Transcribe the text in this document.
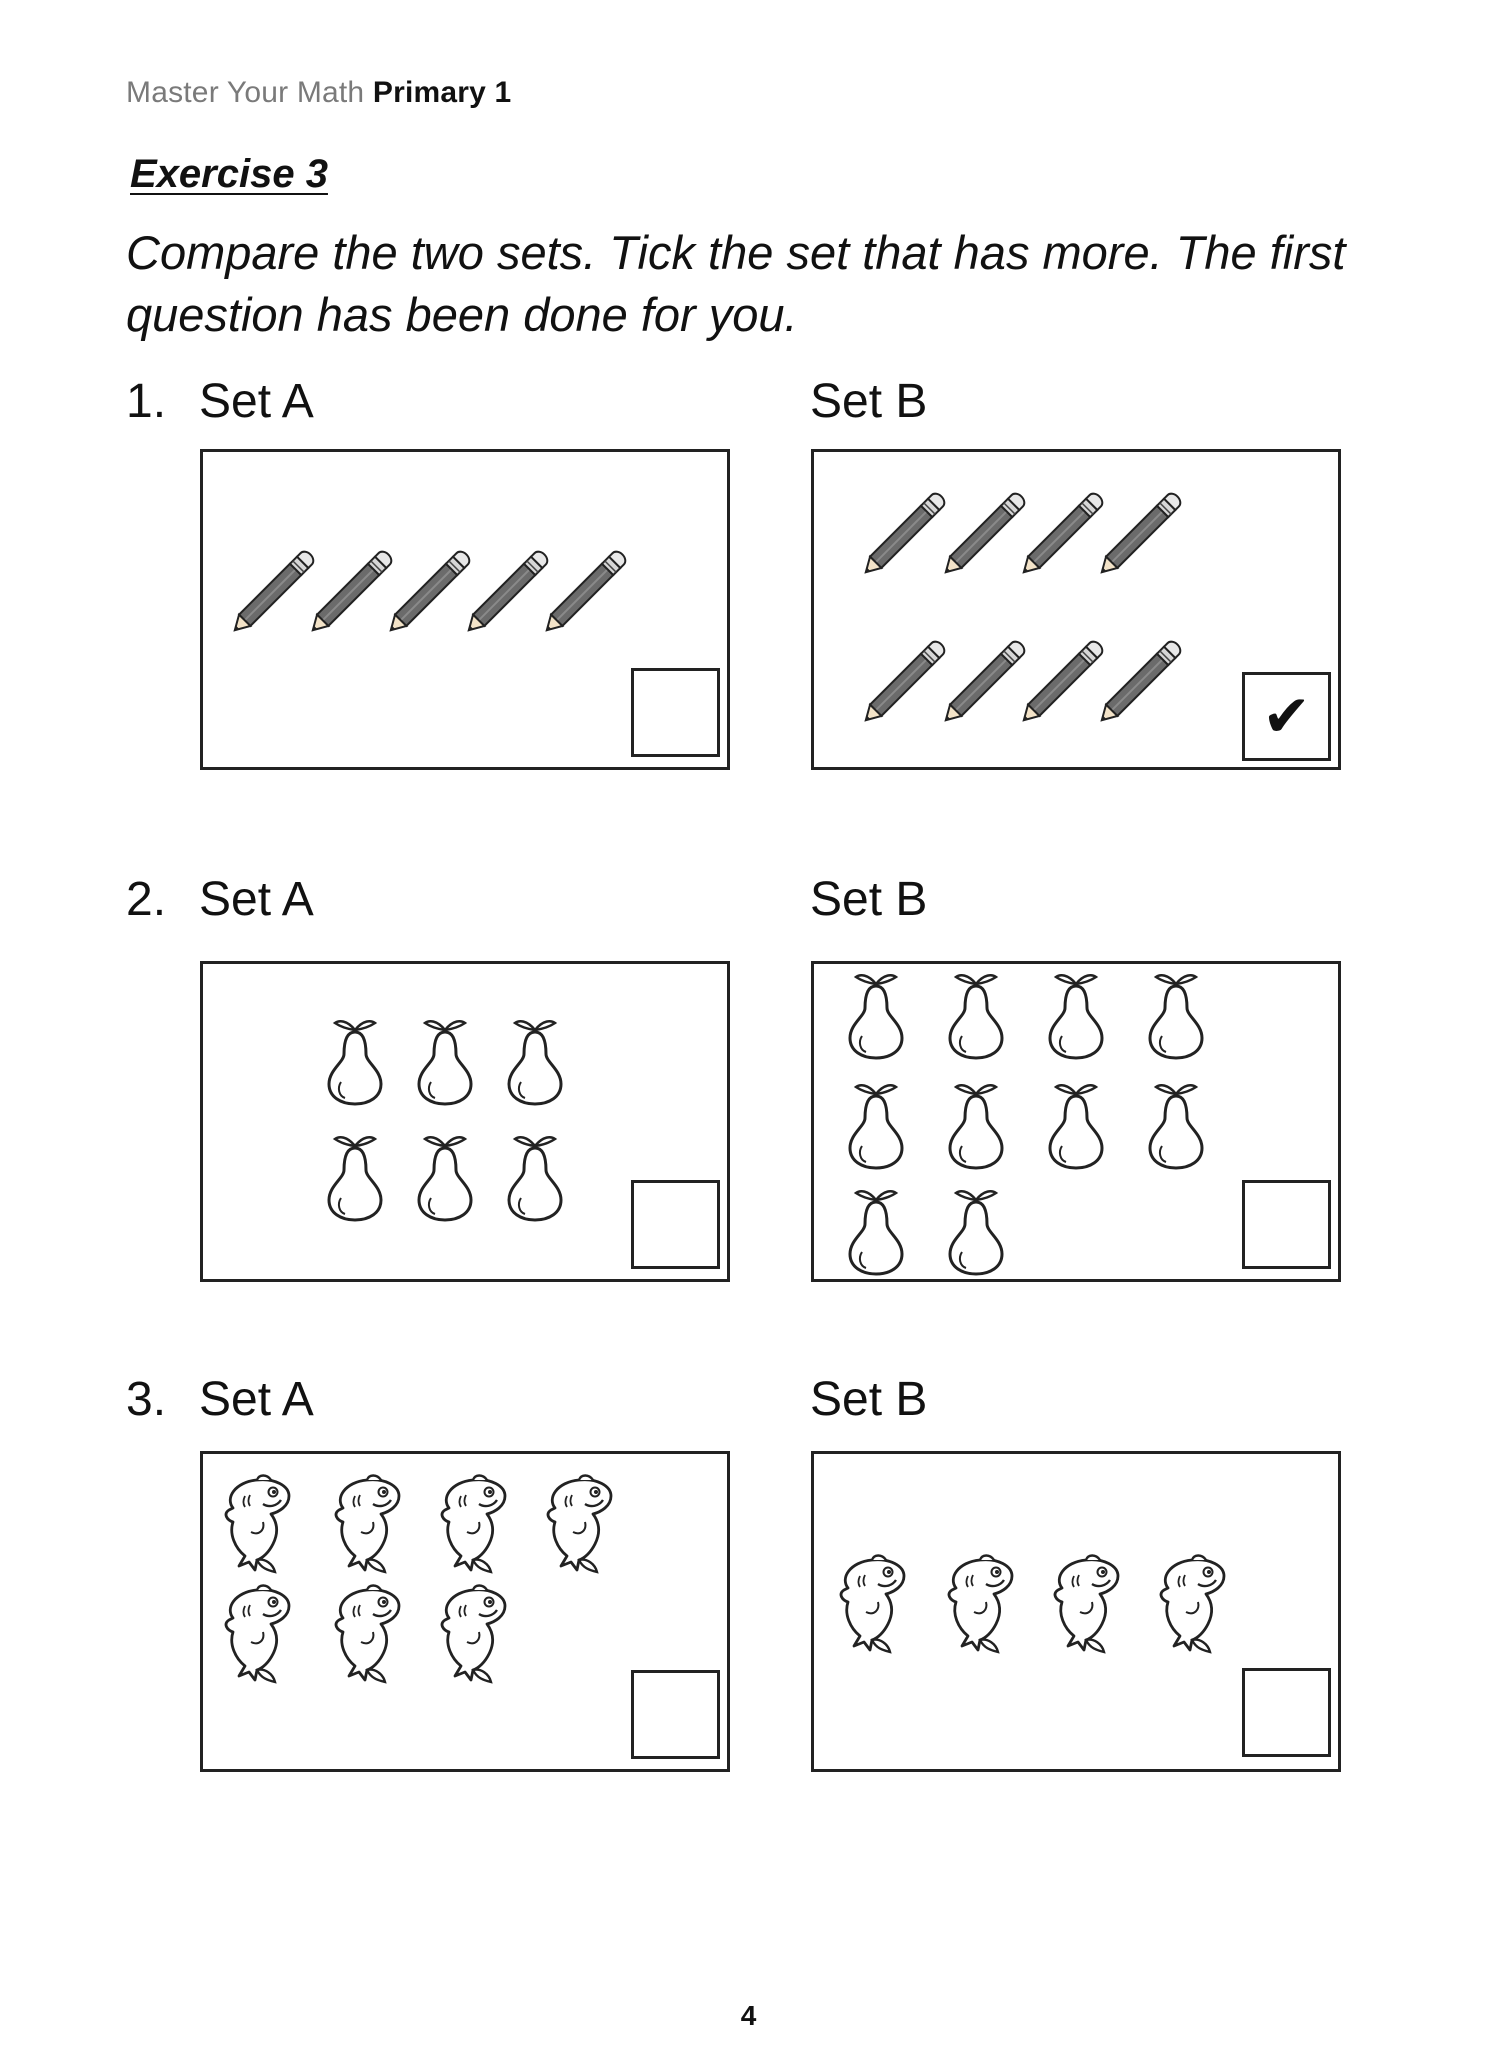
Master Your Math Primary 1
Exercise 3
Compare the two sets. Tick the set that has more. The first question has been done for you.
1. Set A	Set B
✔
2. Set A	Set B
3. Set A	Set B
4
